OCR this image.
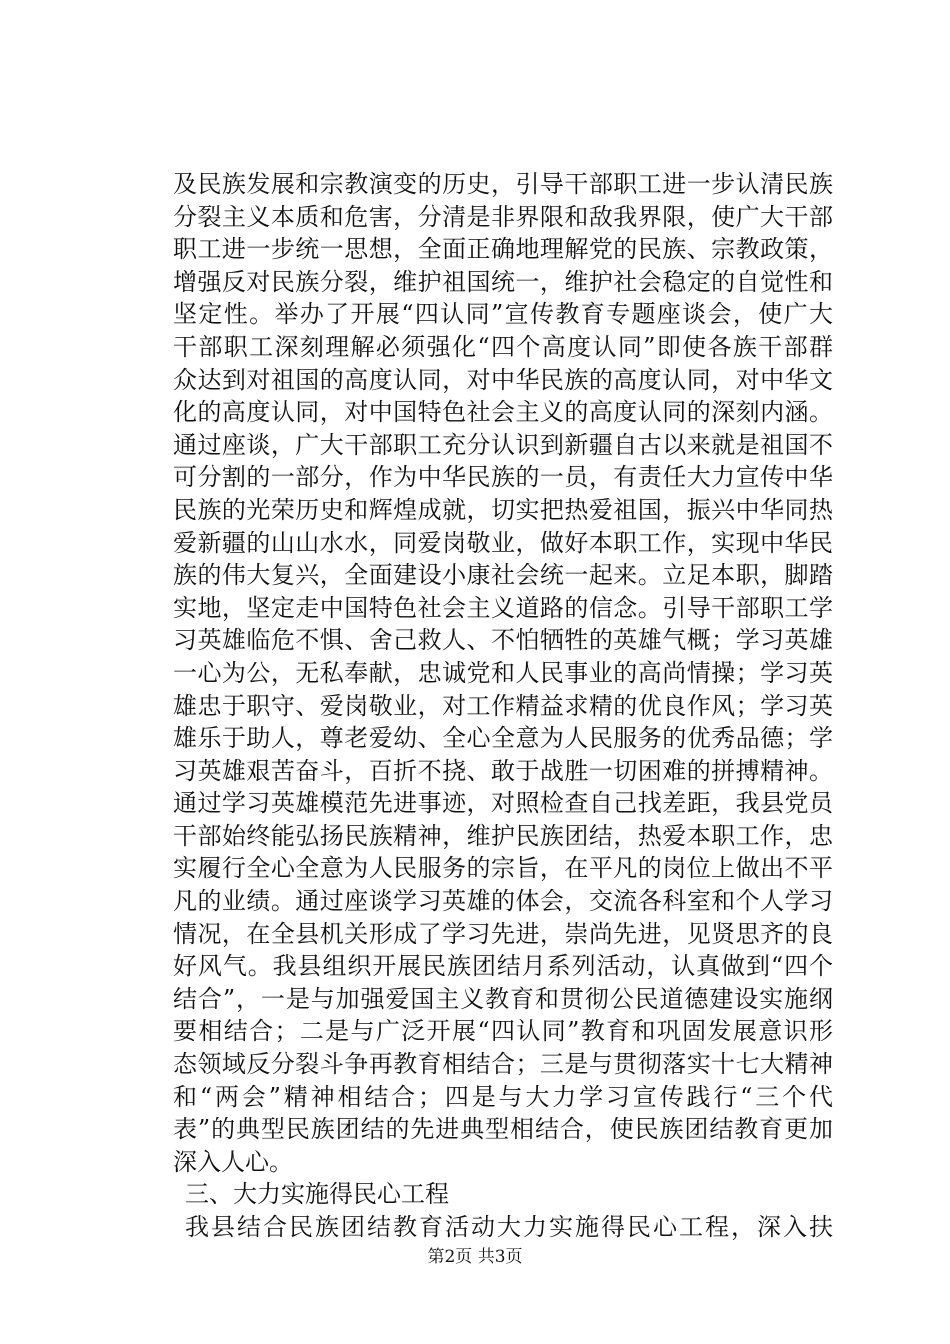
及民族发展和宗教演变的历史，引导干部职工进一步认清民族
分裂主义本质和危害，分清是非界限和敌我界限，使广大干部
职工进一步统一思想，全面正确地理解党的民族、宗教政策，
增强反对民族分裂，维护祖国统一，维护社会稳定的自觉性和
坚定性。举办了开展“四认同”宣传教育专题座谈会，使广大
干部职工深刻理解必须强化“四个高度认同”即使各族干部群
众达到对祖国的高度认同，对中华民族的高度认同，对中华文
化的高度认同，对中国特色社会主义的高度认同的深刻内涵。
通过座谈，广大干部职工充分认识到新疆自古以来就是祖国不
可分割的一部分，作为中华民族的一员，有责任大力宣传中华
民族的光荣历史和辉煌成就，切实把热爱祖国，振兴中华同热
爱新疆的山山水水，同爱岗敬业，做好本职工作，实现中华民
族的伟大复兴，全面建设小康社会统一起来。立足本职，脚踏
实地，坚定走中国特色社会主义道路的信念。引导干部职工学
习英雄临危不惧、舍己救人、不怕牺牲的英雄气概；学习英雄
一心为公，无私奉献，忠诚党和人民事业的高尚情操；学习英
雄忠于职守、爱岗敬业，对工作精益求精的优良作风；学习英
雄乐于助人，尊老爱幼、全心全意为人民服务的优秀品德；学
习英雄艰苦奋斗，百折不挠、敢于战胜一切困难的拼搏精神。
通过学习英雄模范先进事迹，对照检查自己找差距，我县党员
干部始终能弘扬民族精神，维护民族团结，热爱本职工作，忠
实履行全心全意为人民服务的宗旨，在平凡的岗位上做出不平
凡的业绩。通过座谈学习英雄的体会，交流各科室和个人学习
情况，在全县机关形成了学习先进，崇尚先进，见贤思齐的良
好风气。我县组织开展民族团结月系列活动，认真做到“四个
结合”，一是与加强爱国主义教育和贯彻公民道德建设实施纲
要相结合；二是与广泛开展“四认同”教育和巩固发展意识形
态领域反分裂斗争再教育相结合；三是与贯彻落实十七大精神
和“两会”精神相结合；四是与大力学习宣传践行“三个代
表”的典型民族团结的先进典型相结合，使民族团结教育更加
深入人心。
三、大力实施得民心工程
我县结合民族团结教育活动大力实施得民心工程，深入扶
第2页 共3页
